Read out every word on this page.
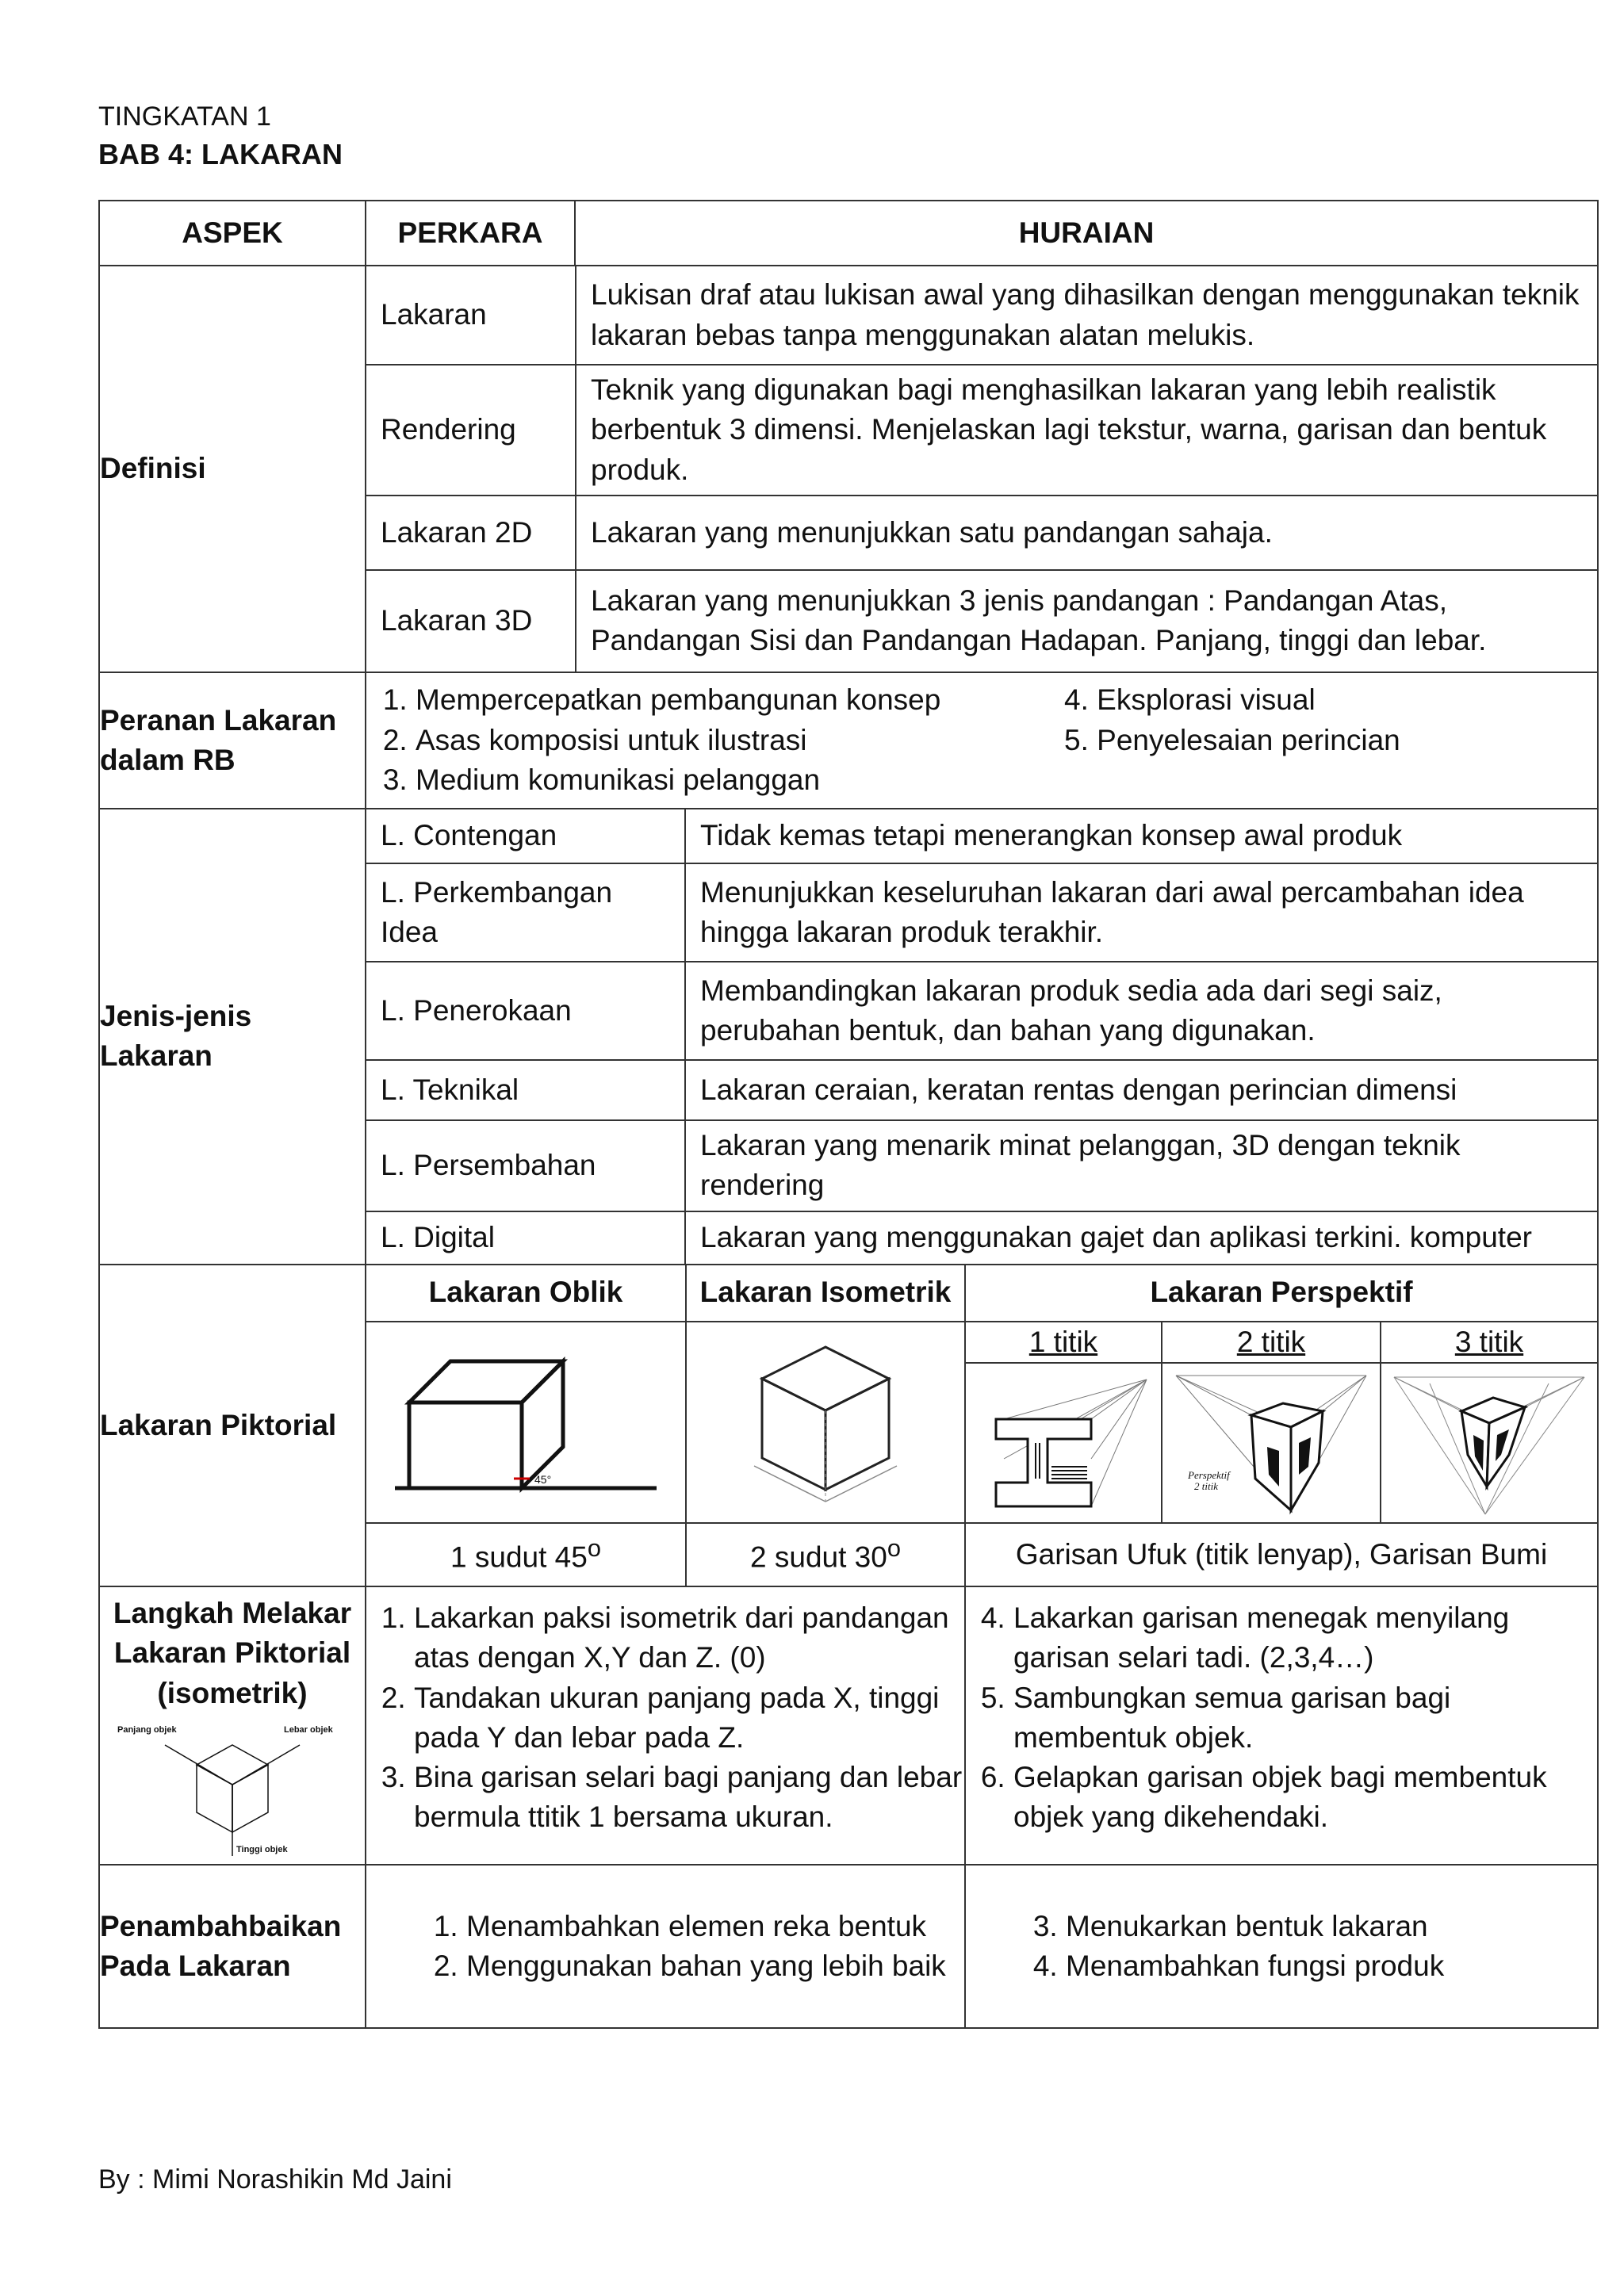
TINGKATAN 1
BAB 4: LAKARAN
ASPEK	PERKARA	HURAIAN
Definisi	
Lakaran	Lukisan draf atau lukisan awal yang dihasilkan dengan menggunakan teknik lakaran bebas tanpa menggunakan alatan melukis.
Rendering	Teknik yang digunakan bagi menghasilkan lakaran yang lebih realistik berbentuk 3 dimensi. Menjelaskan lagi tekstur, warna, garisan dan bentuk produk.
Lakaran 2D	Lakaran yang menunjukkan satu pandangan sahaja.
Lakaran 3D	Lakaran yang menunjukkan 3 jenis pandangan : Pandangan Atas, Pandangan Sisi dan Pandangan Hadapan. Panjang, tinggi dan lebar.

Peranan Lakaran dalam RB	
1. Mempercepatkan pembangunan konsep
2. Asas komposisi untuk ilustrasi
3. Medium komunikasi pelanggan
4. Eksplorasi visual
5. Penyelesaian perincian

Jenis-jenis Lakaran	
L. Contengan	Tidak kemas tetapi menerangkan konsep awal produk
L. Perkembangan Idea	Menunjukkan keseluruhan lakaran dari awal percambahan idea hingga lakaran produk terakhir.
L. Penerokaan	Membandingkan lakaran produk sedia ada dari segi saiz, perubahan bentuk, dan bahan yang digunakan.
L. Teknikal	Lakaran ceraian, keratan rentas dengan perincian dimensi
L. Persembahan	Lakaran yang menarik minat pelanggan, 3D dengan teknik rendering
L. Digital	Lakaran yang menggunakan gajet dan aplikasi terkini. komputer

Lakaran Piktorial	Lakaran Oblik	Lakaran Isometrik	Lakaran Perspektif

45°

	1 titik	2 titik	3 titik

Perspektif
2 titik

1 sudut 45$^o$	2 sudut 30$^o$	Garisan Ufuk (titik lenyap), Garisan Bumi

Langkah Melakar Lakaran Piktorial (isometrik)
Panjang objek	Lebar objek
Tinggi objek

1. Lakarkan paksi isometrik dari pandangan atas dengan X,Y dan Z. (0)
2. Tandakan ukuran panjang pada X, tinggi pada Y dan lebar pada Z.
3. Bina garisan selari bagi panjang dan lebar bermula ttitik 1 bersama ukuran.

4. Lakarkan garisan menegak menyilang garisan selari tadi. (2,3,4…)
5. Sambungkan semua garisan bagi membentuk objek.
6. Gelapkan garisan objek bagi membentuk objek yang dikehendaki.

Penambahbaikan Pada Lakaran	
1. Menambahkan elemen reka bentuk
2. Menggunakan bahan yang lebih baik

3. Menukarkan bentuk lakaran
4. Menambahkan fungsi produk
By : Mimi Norashikin Md Jaini
